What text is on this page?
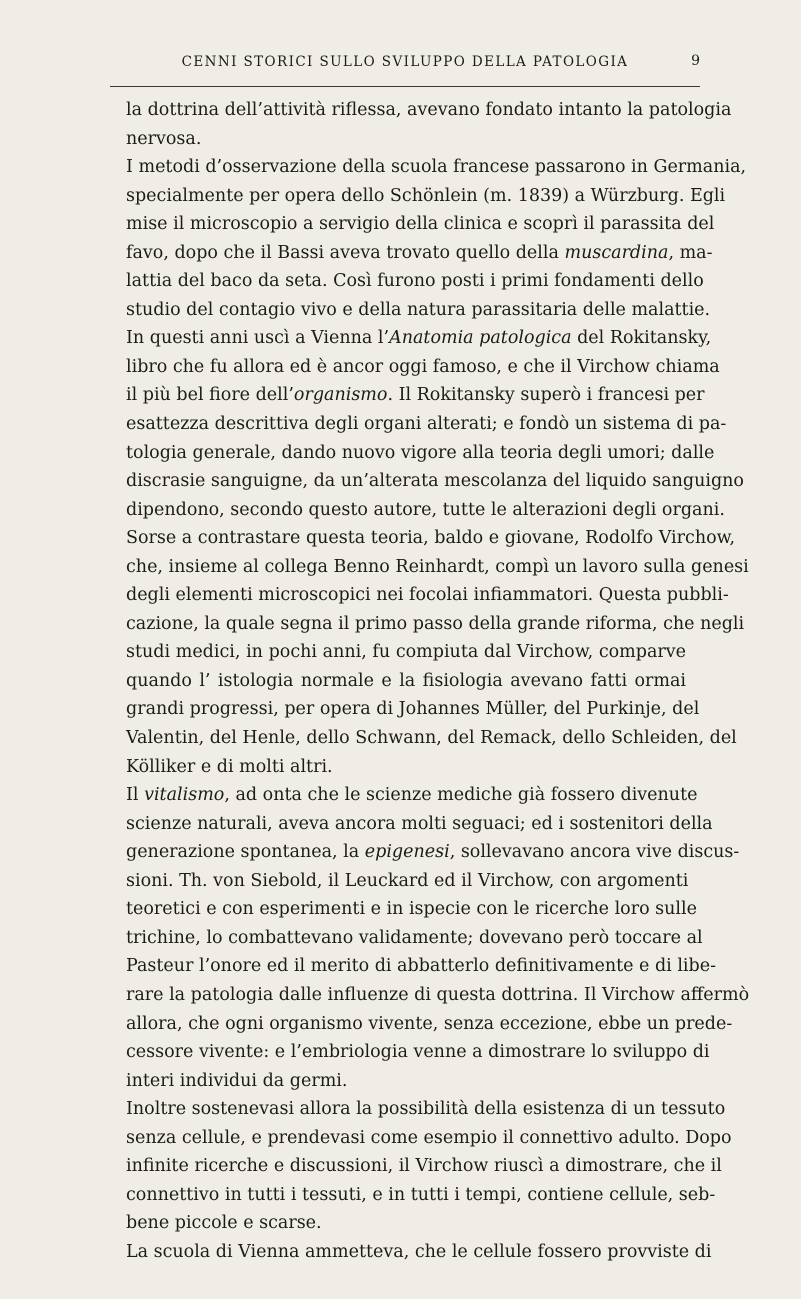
CENNI STORICI SULLO SVILUPPO DELLA PATOLOGIA	9
la dottrina dell’attività riflessa, avevano fondato intanto la patologia
nervosa.
I metodi d’osservazione della scuola francese passarono in Germania,
specialmente per opera dello Schönlein (m. 1839) a Würzburg. Egli
mise il microscopio a servigio della clinica e scoprì il parassita del
favo, dopo che il Bassi aveva trovato quello della muscardina, ma-
lattia del baco da seta. Così furono posti i primi fondamenti dello
studio del contagio vivo e della natura parassitaria delle malattie.
In questi anni uscì a Vienna l’Anatomia patologica del Rokitansky,
libro che fu allora ed è ancor oggi famoso, e che il Virchow chiama
il più bel fiore dell’organismo. Il Rokitansky superò i francesi per
esattezza descrittiva degli organi alterati; e fondò un sistema di pa-
tologia generale, dando nuovo vigore alla teoria degli umori; dalle
discrasie sanguigne, da un’alterata mescolanza del liquido sanguigno
dipendono, secondo questo autore, tutte le alterazioni degli organi.
Sorse a contrastare questa teoria, baldo e giovane, Rodolfo Virchow,
che, insieme al collega Benno Reinhardt, compì un lavoro sulla genesi
degli elementi microscopici nei focolai infiammatori. Questa pubbli-
cazione, la quale segna il primo passo della grande riforma, che negli
studi medici, in pochi anni, fu compiuta dal Virchow, comparve
quando l’ istologia normale e la fisiologia avevano fatti ormai
grandi progressi, per opera di Johannes Müller, del Purkinje, del
Valentin, del Henle, dello Schwann, del Remack, dello Schleiden, del
Kölliker e di molti altri.
Il vitalismo, ad onta che le scienze mediche già fossero divenute
scienze naturali, aveva ancora molti seguaci; ed i sostenitori della
generazione spontanea, la epigenesi, sollevavano ancora vive discus-
sioni. Th. von Siebold, il Leuckard ed il Virchow, con argomenti
teoretici e con esperimenti e in ispecie con le ricerche loro sulle
trichine, lo combattevano validamente; dovevano però toccare al
Pasteur l’onore ed il merito di abbatterlo definitivamente e di libe-
rare la patologia dalle influenze di questa dottrina. Il Virchow affermò
allora, che ogni organismo vivente, senza eccezione, ebbe un prede-
cessore vivente: e l’embriologia venne a dimostrare lo sviluppo di
interi individui da germi.
Inoltre sostenevasi allora la possibilità della esistenza di un tessuto
senza cellule, e prendevasi come esempio il connettivo adulto. Dopo
infinite ricerche e discussioni, il Virchow riuscì a dimostrare, che il
connettivo in tutti i tessuti, e in tutti i tempi, contiene cellule, seb-
bene piccole e scarse.
La scuola di Vienna ammetteva, che le cellule fossero provviste di
